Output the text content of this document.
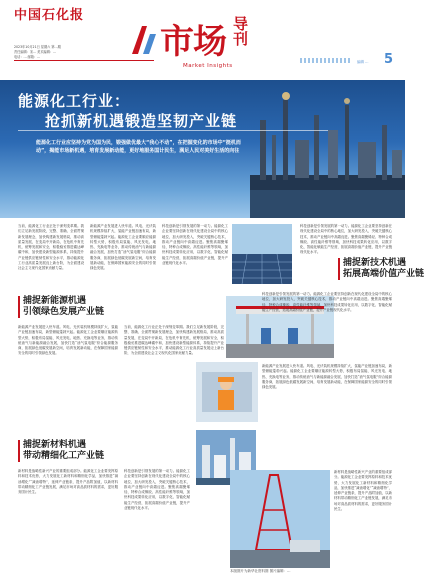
中国石化报
2023年10月21日 星期六 第...期
责任编辑：宋... 美术编辑：...
电话：... 邮箱：...	市场 导刊
Market Insights
编辑 ... 5
能源化工行业：
抢抓新机遇锻造坚韧产业链
能源化工行业应坚持为党为国为民，锻强做优最大“我心不动”，在把握变化的市场中“挺机而动”，揭能市场新机遇，培育发展新动能，更好地服务国计民生，满足人民对美好生活的向往
当前，能源化工行业正处于深刻变革期。我们立足新发展阶段，完整、准确、全面贯彻新发展理念，加快构建新发展格局，推动高质量发展，在变局中开新局，在危机中育先机，统筹发展和安全，积极稳妥推进碳达峰碳中和，加快建设新型能源体系，持续提升产业链供应链韧性和安全水平，推动能源化工行业高质量发展迈上新台阶，为全面建设社会主义现代化国家贡献力量。
新能源产业发展进入快车道。风电、光伏装机规模持续扩大，氢能产业链加速布局，新型储能蓬勃兴起。能源化工企业要顺应能源转型大势，积极布局氢能、风光发电、地热、充换电等业务，推动传统油气与新能源融合发展，加快打造“油气氢电服”综合能源服务商，拓展绿色低碳发展新空间，培育发展新动能，在保障国家能源安全的同时引领绿色发展。
科技创新是引领发展的第一动力。能源化工企业要坚持创新在现代化建设全局中的核心地位，加大研发投入，突破关键核心技术，推动产业链向中高端迈进。聚焦高端聚烯烃、特种合成橡胶、高性能纤维等领域，加快科技成果转化应用，以数字化、智能化赋能生产经营，拓展高端价值产业链，提升产业链现代化水平。
捕捉新能源机遇
引领绿色发展产业链
新能源产业发展进入快车道。风电、光伏装机规模持续扩大，氢能产业链加速布局，新型储能蓬勃兴起。能源化工企业要顺应能源转型大势，积极布局氢能、风光发电、地热、充换电等业务，推动传统油气与新能源融合发展，加快打造“油气氢电服”综合能源服务商，拓展绿色低碳发展新空间，培育发展新动能，在保障国家能源安全的同时引领绿色发展。
当前，能源化工行业正处于深刻变革期。我们立足新发展阶段，完整、准确、全面贯彻新发展理念，加快构建新发展格局，推动高质量发展，在变局中开新局，在危机中育先机，统筹发展和安全，积极稳妥推进碳达峰碳中和，加快建设新型能源体系，持续提升产业链供应链韧性和安全水平，推动能源化工行业高质量发展迈上新台阶，为全面建设社会主义现代化国家贡献力量。
捕捉新材料机遇
带动精细化工产业链
新材料是战略性新兴产业的重要组成部分。能源化工企业要发挥原料和技术优势，大力发展化工新材料和精细化学品，加快推进“减油增化”“减油增特”，延伸产业链条，提升产品附加值，以新材料带动精细化工产业链发展，满足市场对高品质材料的需求，更好服务国计民生。
科技创新是引领发展的第一动力。能源化工企业要坚持创新在现代化建设全局中的核心地位，加大研发投入，突破关键核心技术，推动产业链向中高端迈进。聚焦高端聚烯烃、特种合成橡胶、高性能纤维等领域，加快科技成果转化应用，以数字化、智能化赋能生产经营，拓展高端价值产业链，提升产业链现代化水平。
本版图片为新华社资料图 图片编辑：...
科技创新是引领发展的第一动力。能源化工企业要坚持创新在现代化建设全局中的核心地位，加大研发投入，突破关键核心技术，推动产业链向中高端迈进。聚焦高端聚烯烃、特种合成橡胶、高性能纤维等领域，加快科技成果转化应用，以数字化、智能化赋能生产经营，拓展高端价值产业链，提升产业链现代化水平。
捕捉新技术机遇
拓展高端价值产业链
科技创新是引领发展的第一动力。能源化工企业要坚持创新在现代化建设全局中的核心地位，加大研发投入，突破关键核心技术，推动产业链向中高端迈进。聚焦高端聚烯烃、特种合成橡胶、高性能纤维等领域，加快科技成果转化应用，以数字化、智能化赋能生产经营，拓展高端价值产业链，提升产业链现代化水平。
新能源产业发展进入快车道。风电、光伏装机规模持续扩大，氢能产业链加速布局，新型储能蓬勃兴起。能源化工企业要顺应能源转型大势，积极布局氢能、风光发电、地热、充换电等业务，推动传统油气与新能源融合发展，加快打造“油气氢电服”综合能源服务商，拓展绿色低碳发展新空间，培育发展新动能，在保障国家能源安全的同时引领绿色发展。
新材料是战略性新兴产业的重要组成部分。能源化工企业要发挥原料和技术优势，大力发展化工新材料和精细化学品，加快推进“减油增化”“减油增特”，延伸产业链条，提升产品附加值，以新材料带动精细化工产业链发展，满足市场对高品质材料的需求，更好服务国计民生。
